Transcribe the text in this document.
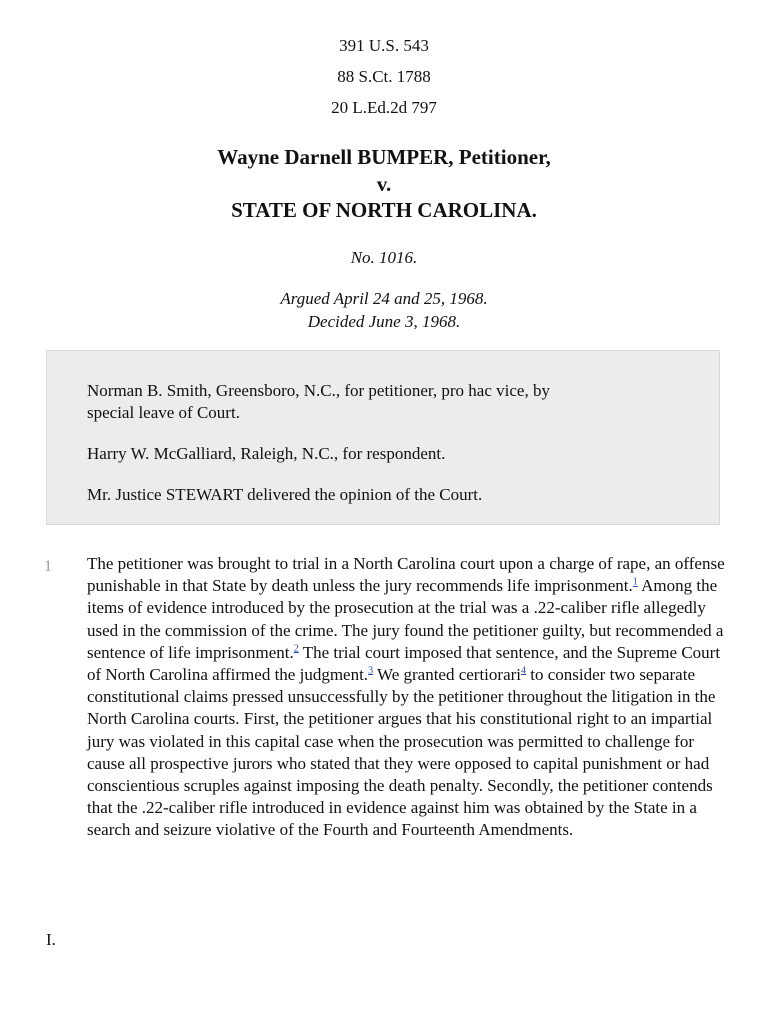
391 U.S. 543
88 S.Ct. 1788
20 L.Ed.2d 797
Wayne Darnell BUMPER, Petitioner,
v.
STATE OF NORTH CAROLINA.
No. 1016.
Argued April 24 and 25, 1968.
Decided June 3, 1968.
Norman B. Smith, Greensboro, N.C., for petitioner, pro hac vice, by
special leave of Court.
Harry W. McGalliard, Raleigh, N.C., for respondent.
Mr. Justice STEWART delivered the opinion of the Court.
1 The petitioner was brought to trial in a North Carolina court upon a charge of rape, an offense punishable in that State by death unless the jury recommends life imprisonment.$^1$ Among the items of evidence introduced by the prosecution at the trial was a .22-caliber rifle allegedly used in the commission of the crime. The jury found the petitioner guilty, but recommended a sentence of life imprisonment.$^2$ The trial court imposed that sentence, and the Supreme Court of North Carolina affirmed the judgment.$^3$ We granted certiorari$^4$ to consider two separate constitutional claims pressed unsuccessfully by the petitioner throughout the litigation in the North Carolina courts. First, the petitioner argues that his constitutional right to an impartial jury was violated in this capital case when the prosecution was permitted to challenge for cause all prospective jurors who stated that they were opposed to capital punishment or had conscientious scruples against imposing the death penalty. Secondly, the petitioner contends that the .22-caliber rifle introduced in evidence against him was obtained by the State in a search and seizure violative of the Fourth and Fourteenth Amendments.

I.
